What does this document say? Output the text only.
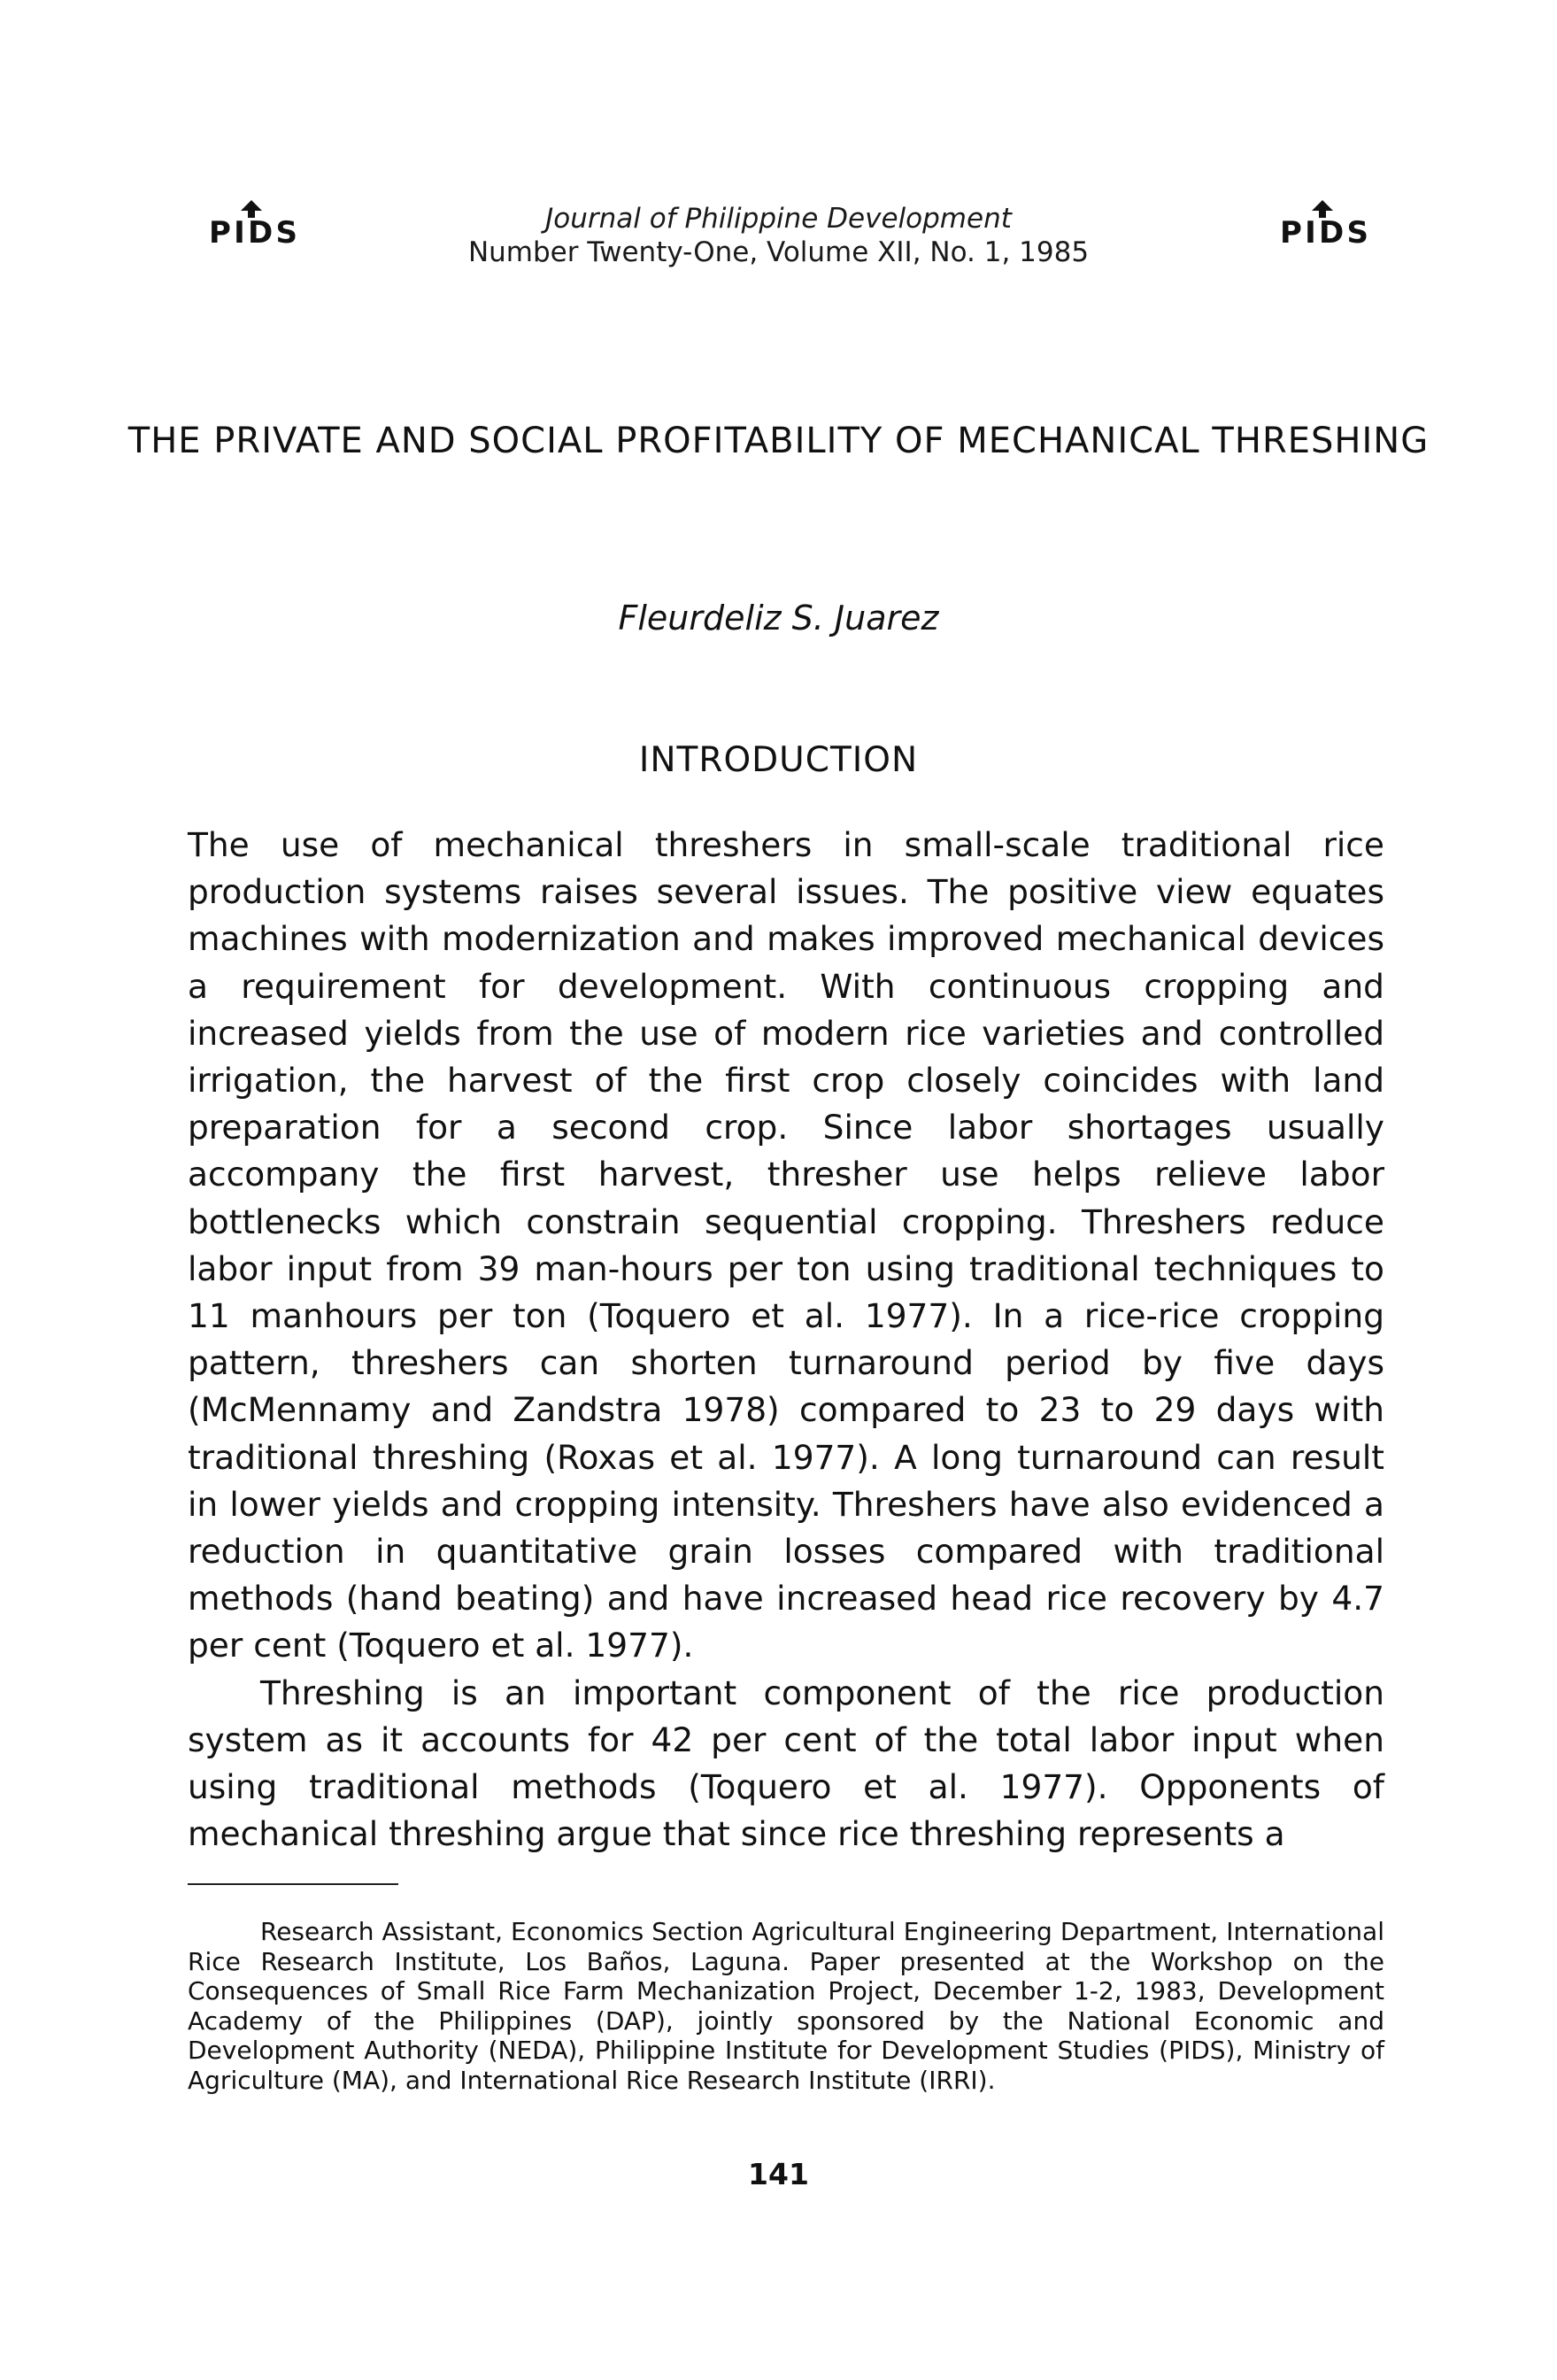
PIDS	Journal of Philippine Development
Number Twenty-One, Volume XII, No. 1, 1985
PIDS
THE PRIVATE AND SOCIAL PROFITABILITY OF MECHANICAL THRESHING
Fleurdeliz S. Juarez
INTRODUCTION

The use of mechanical threshers in small-scale traditional rice production systems raises several issues. The positive view equates machines with modernization and makes improved mechanical devices a requirement for development. With continuous cropping and increased yields from the use of modern rice varieties and controlled irrigation, the harvest of the first crop closely coincides with land preparation for a second crop. Since labor shortages usually accompany the first harvest, thresher use helps relieve labor bottlenecks which constrain sequential cropping. Threshers reduce labor input from 39 man-hours per ton using traditional techniques to 11 manhours per ton (Toquero et al. 1977). In a rice-rice cropping pattern, threshers can shorten turnaround period by five days (McMennamy and Zandstra 1978) compared to 23 to 29 days with traditional threshing (Roxas et al. 1977). A long turnaround can result in lower yields and cropping intensity. Threshers have also evidenced a reduction in quantitative grain losses compared with traditional methods (hand beating) and have increased head rice recovery by 4.7 per cent (Toquero et al. 1977).

Threshing is an important component of the rice production system as it accounts for 42 per cent of the total labor input when using traditional methods (Toquero et al. 1977). Opponents of mechanical threshing argue that since rice threshing represents a

Research Assistant, Economics Section Agricultural Engineering Department, International Rice Research Institute, Los Baños, Laguna. Paper presented at the Workshop on the Consequences of Small Rice Farm Mechanization Project, December 1-2, 1983, Development Academy of the Philippines (DAP), jointly sponsored by the National Economic and Development Authority (NEDA), Philippine Institute for Development Studies (PIDS), Ministry of Agriculture (MA), and International Rice Research Institute (IRRI).

141
